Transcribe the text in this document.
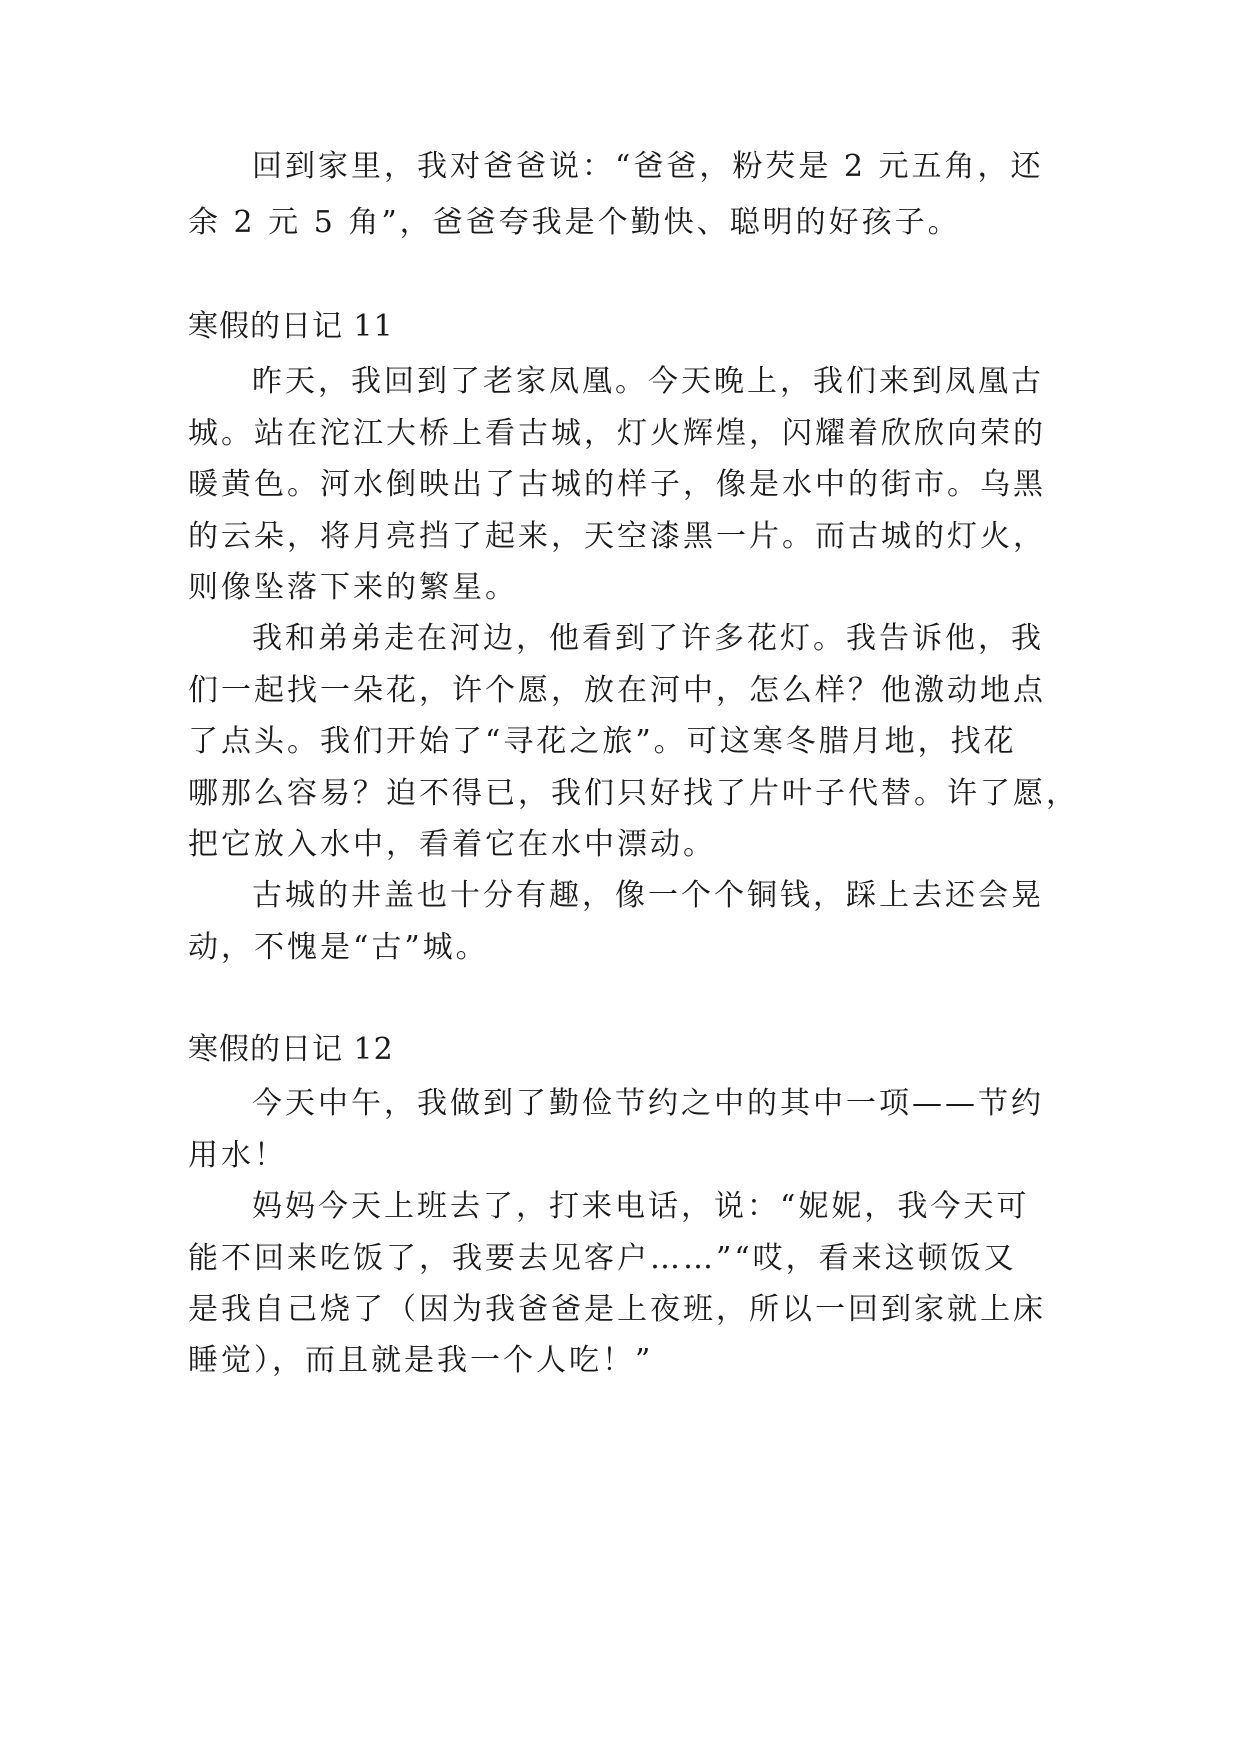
回到家里，我对爸爸说：“爸爸，粉芡是 2 元五角，还
余 2 元 5 角”，爸爸夸我是个勤快、聪明的好孩子。
寒假的日记 11
昨天，我回到了老家凤凰。今天晚上，我们来到凤凰古
城。站在沱江大桥上看古城，灯火辉煌，闪耀着欣欣向荣的
暖黄色。河水倒映出了古城的样子，像是水中的街市。乌黑
的云朵，将月亮挡了起来，天空漆黑一片。而古城的灯火，
则像坠落下来的繁星。
我和弟弟走在河边，他看到了许多花灯。我告诉他，我
们一起找一朵花，许个愿，放在河中，怎么样？他激动地点
了点头。我们开始了“寻花之旅”。可这寒冬腊月地，找花
哪那么容易？迫不得已，我们只好找了片叶子代替。许了愿，
把它放入水中，看着它在水中漂动。
古城的井盖也十分有趣，像一个个铜钱，踩上去还会晃
动，不愧是“古”城。
寒假的日记 12
今天中午，我做到了勤俭节约之中的其中一项——节约
用水！
妈妈今天上班去了，打来电话，说：“妮妮，我今天可
能不回来吃饭了，我要去见客户……”“哎，看来这顿饭又
是我自己烧了（因为我爸爸是上夜班，所以一回到家就上床
睡觉），而且就是我一个人吃！”
